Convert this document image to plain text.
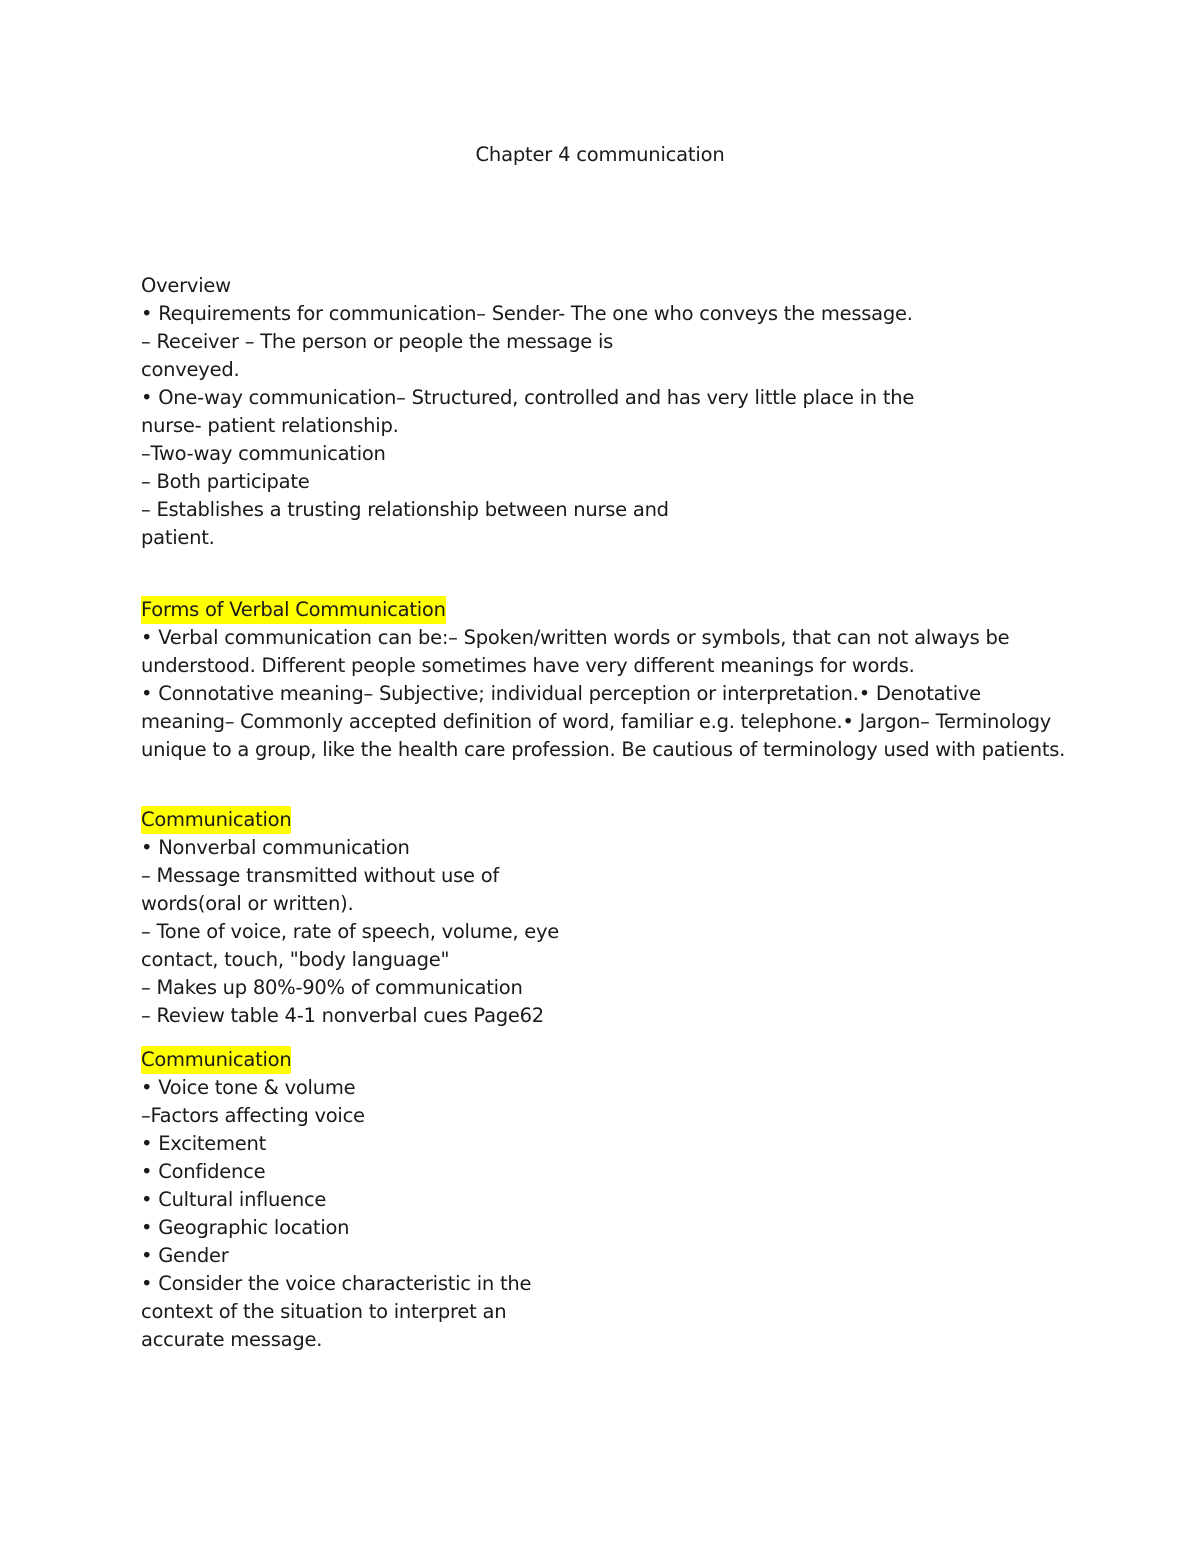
Chapter 4 communication
Overview
• Requirements for communication– Sender- The one who conveys the message.
– Receiver – The person or people the message is
conveyed.
• One-way communication– Structured, controlled and has very little place in the
nurse- patient relationship.
–Two-way communication
– Both participate
– Establishes a trusting relationship between nurse and
patient.
Forms of Verbal Communication
• Verbal communication can be:– Spoken/written words or symbols, that can not always be
understood. Different people sometimes have very different meanings for words.
• Connotative meaning– Subjective; individual perception or interpretation.• Denotative
meaning– Commonly accepted definition of word, familiar e.g. telephone.• Jargon– Terminology
unique to a group, like the health care profession. Be cautious of terminology used with patients.
Communication
• Nonverbal communication
– Message transmitted without use of
words(oral or written).
– Tone of voice, rate of speech, volume, eye
contact, touch, "body language"
– Makes up 80%-90% of communication
– Review table 4-1 nonverbal cues Page62
Communication
• Voice tone & volume
–Factors affecting voice
• Excitement
• Confidence
• Cultural influence
• Geographic location
• Gender
• Consider the voice characteristic in the
context of the situation to interpret an
accurate message.
